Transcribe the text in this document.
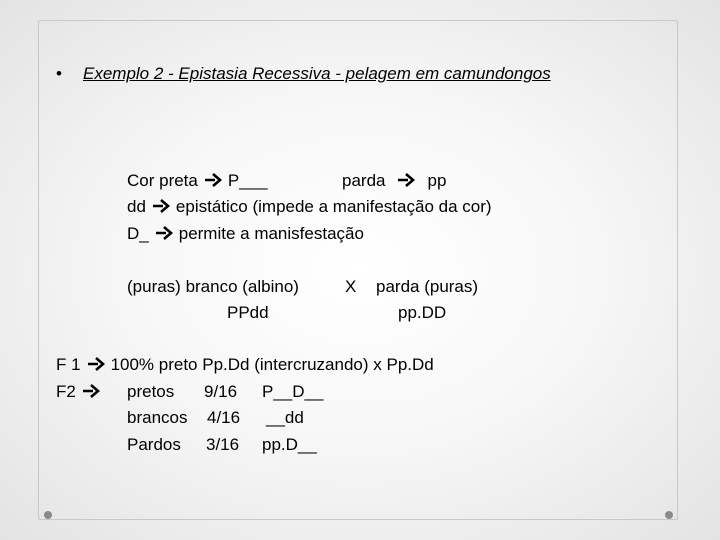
• Exemplo 2 - Epistasia Recessiva - pelagem em camundongos
Cor preta P___	parda pp
dd epistático (impede a manifestação da cor)
D_ permite a manisfestação
(puras) branco (albino)	X parda (puras)
PPdd	pp.DD
F 1 100% preto Pp.Dd (intercruzando) x Pp.Dd
F2	pretos 9/16 P__D__
brancos 4/16 __dd
Pardos 3/16 pp.D__
